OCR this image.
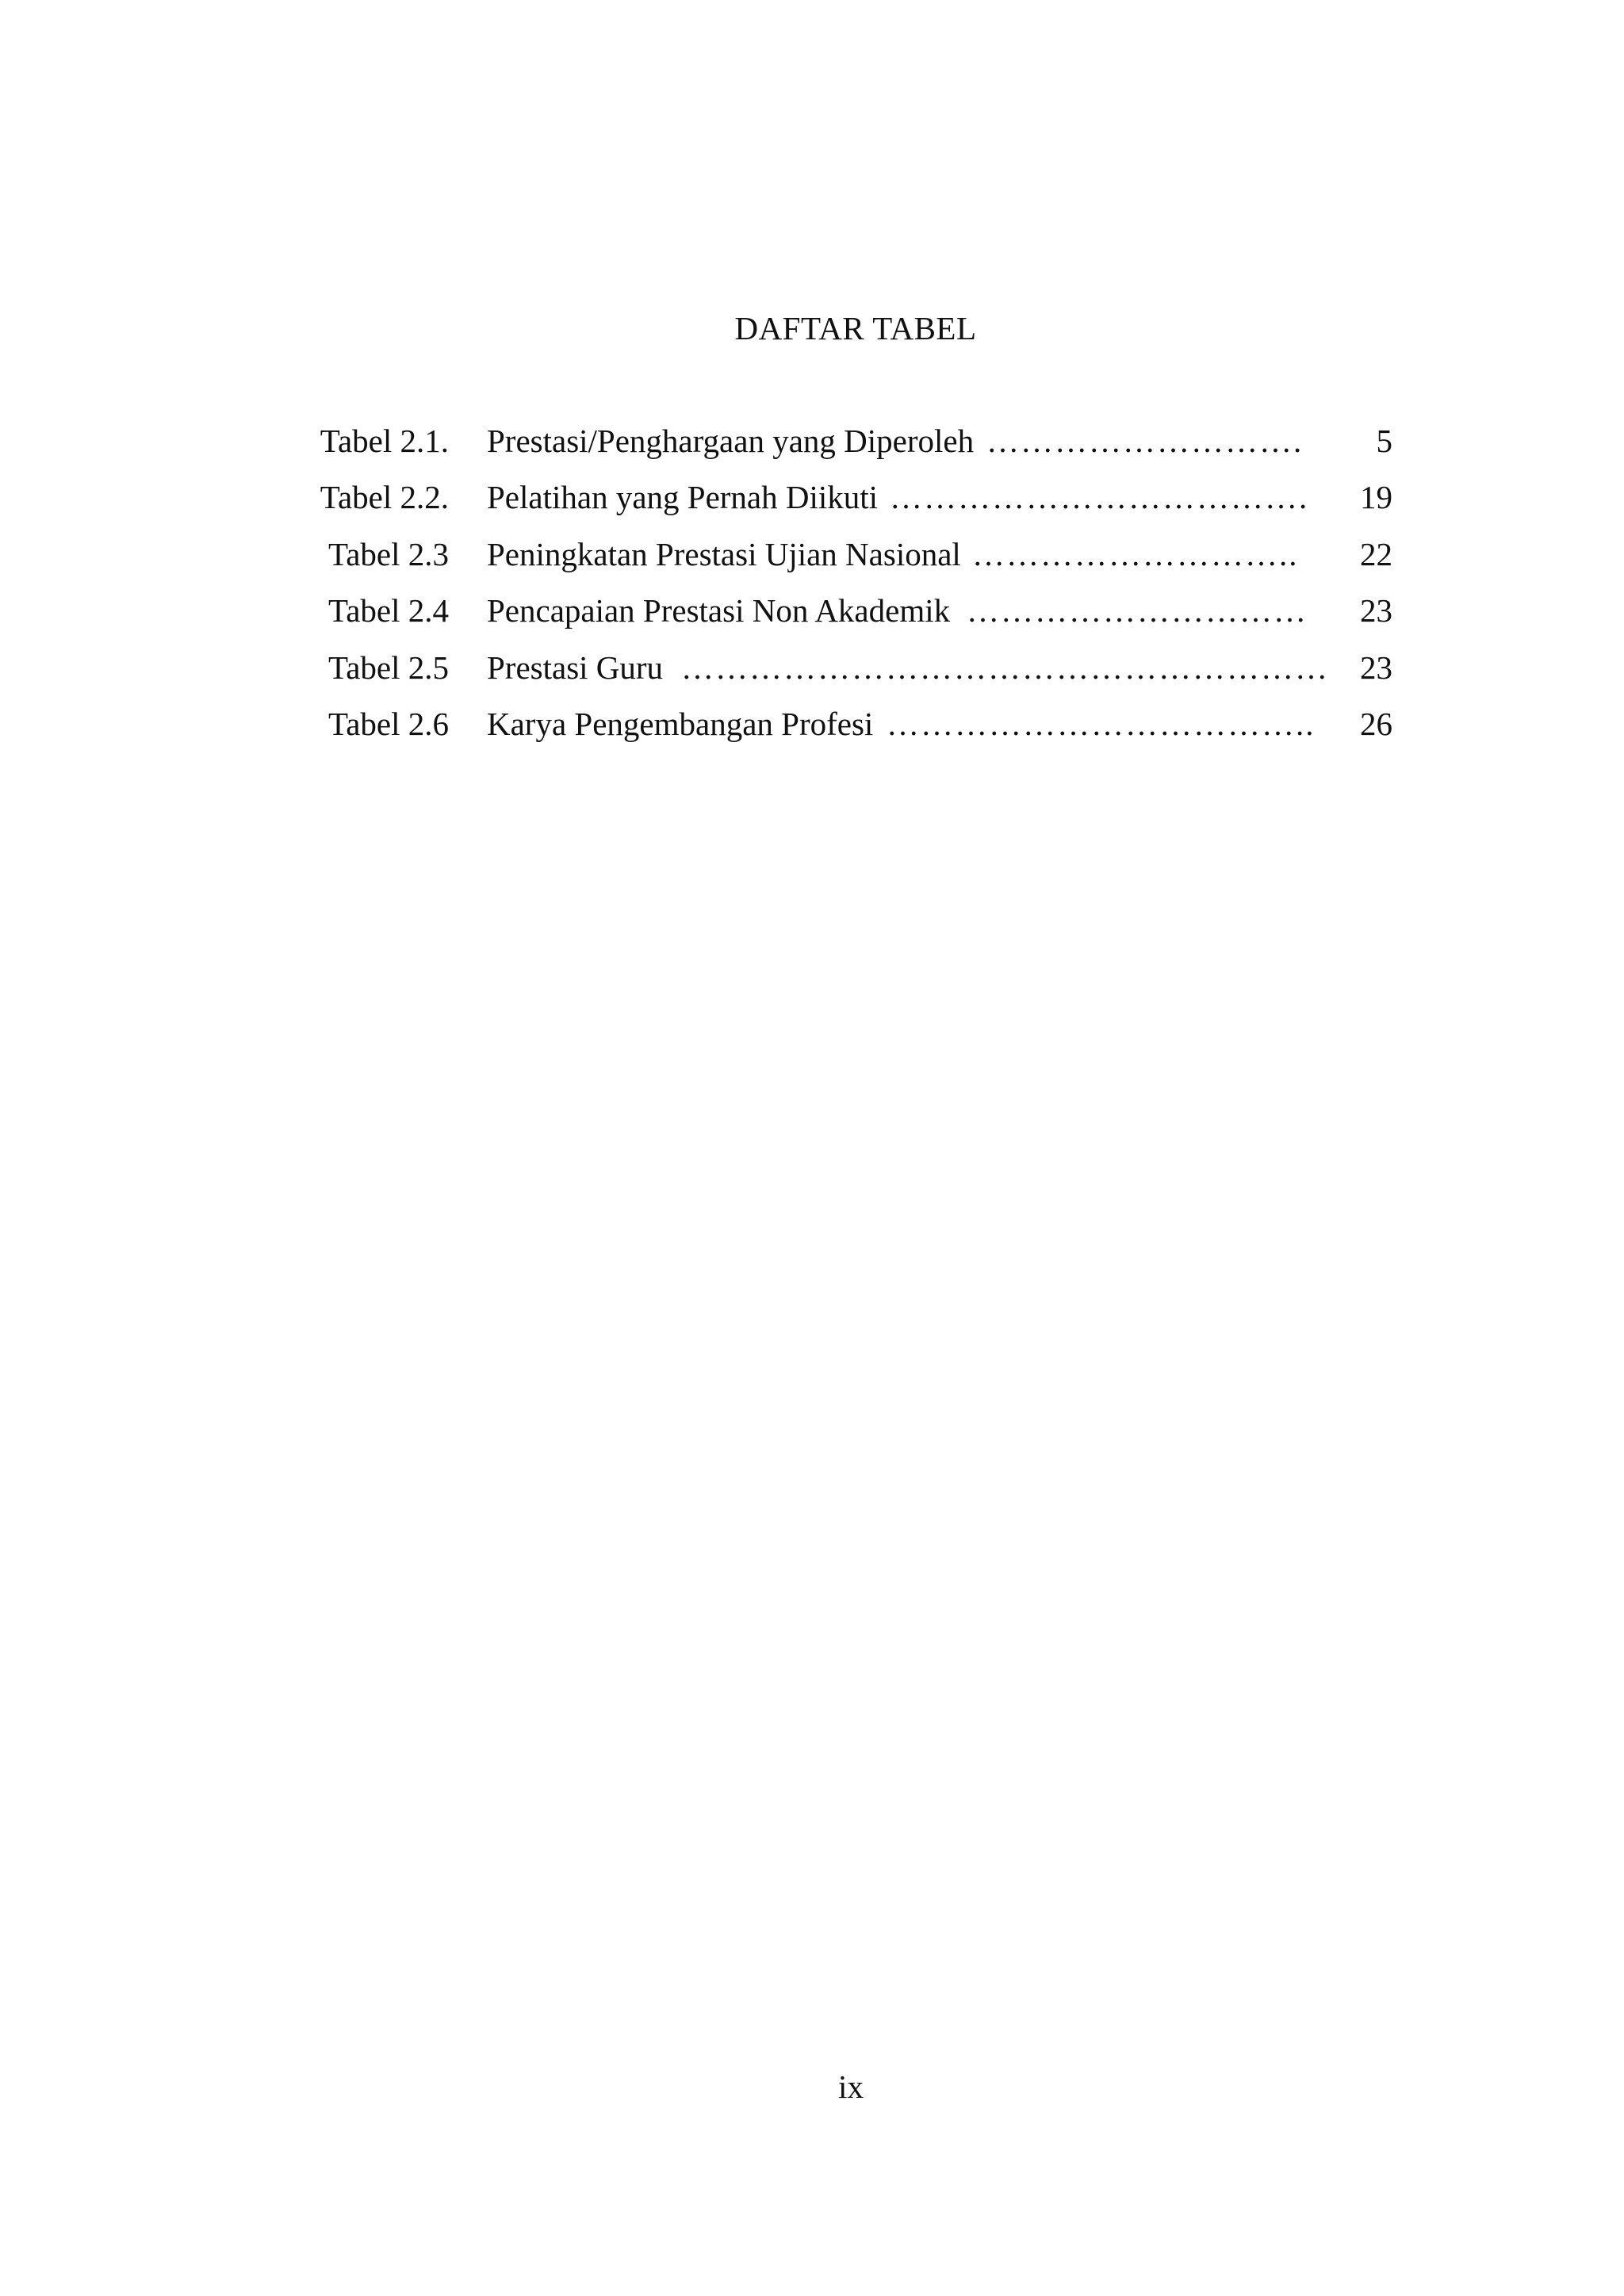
DAFTAR TABEL
Tabel 2.1. Prestasi/Penghargaan yang Diperoleh ……………………….	5
Tabel 2.2. Pelatihan yang Pernah Diikuti ……………………………….	19
Tabel 2.3 Peningkatan Prestasi Ujian Nasional ………………………..	22
Tabel 2.4 Pencapaian Prestasi Non Akademik …………………………	23
Tabel 2.5 Prestasi Guru ………………………………………………… 23
Tabel 2.6 Karya Pengembangan Profesi ………………………………..	26
ix
